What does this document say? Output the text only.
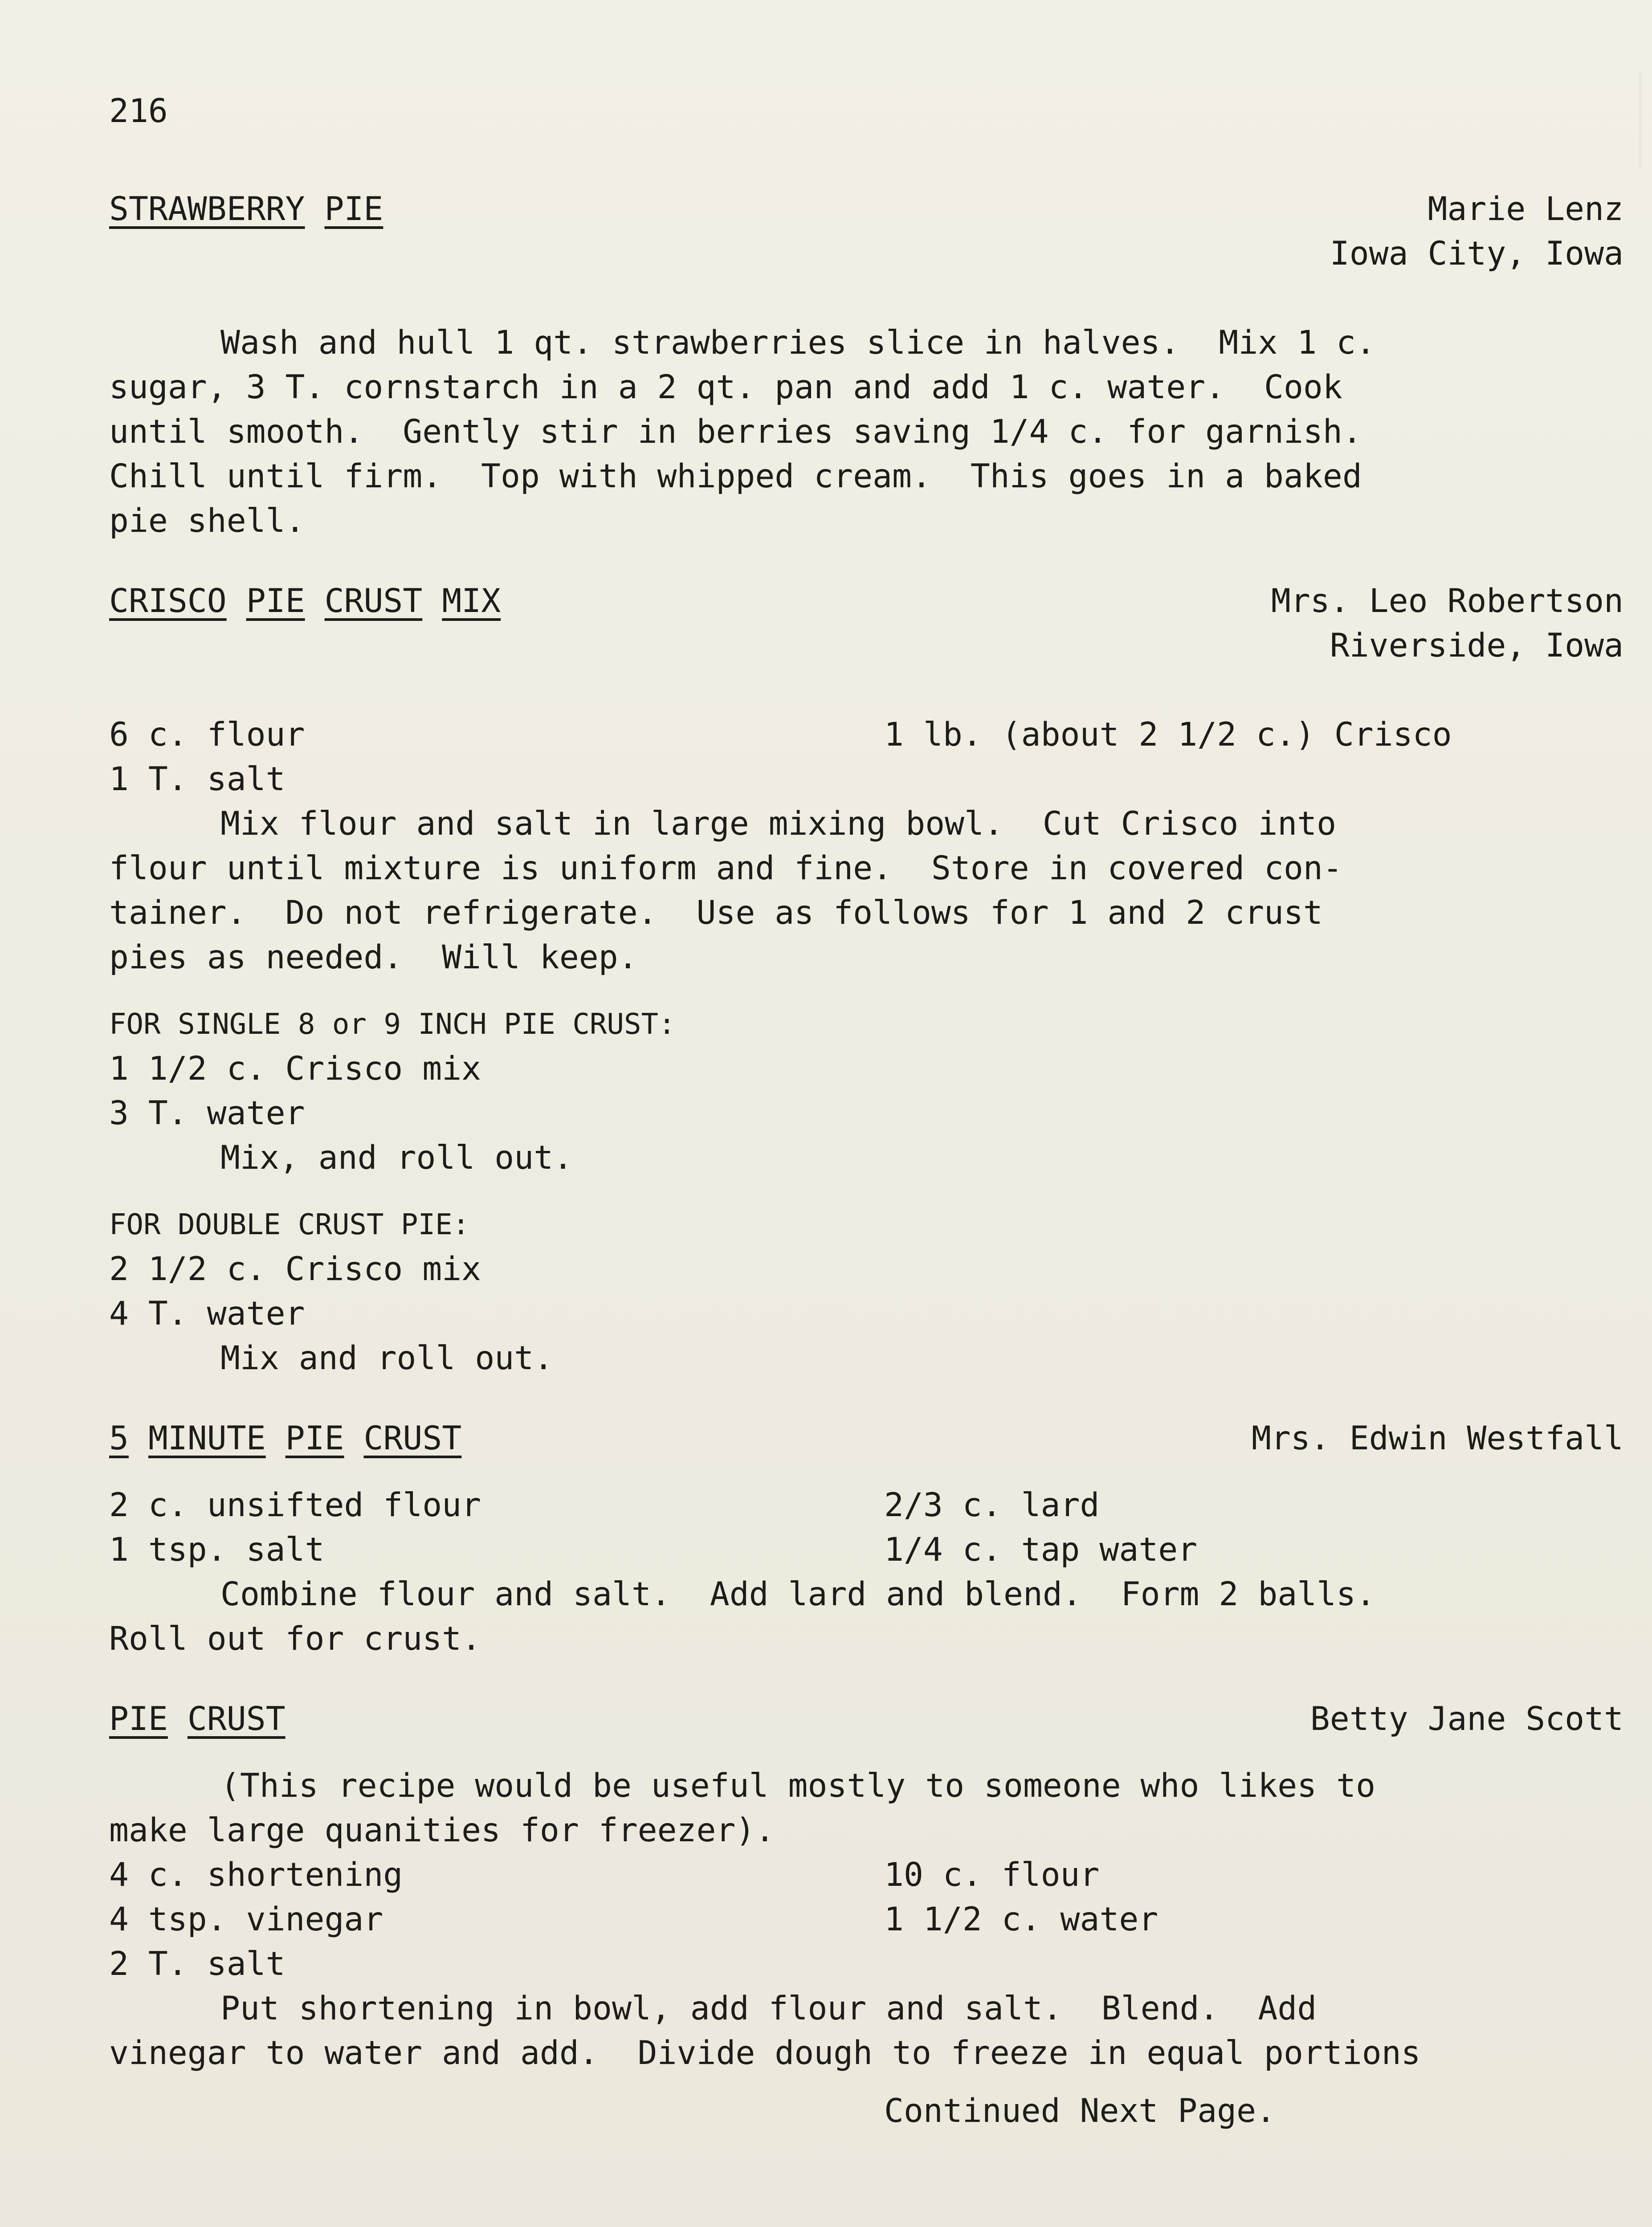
216
STRAWBERRY PIE	Marie Lenz
Iowa City, Iowa
Wash and hull 1 qt. strawberries slice in halves.  Mix 1 c.
sugar, 3 T. cornstarch in a 2 qt. pan and add 1 c. water.  Cook
until smooth.  Gently stir in berries saving 1/4 c. for garnish.
Chill until firm.  Top with whipped cream.  This goes in a baked
pie shell.
CRISCO PIE CRUST MIX	Mrs. Leo Robertson
Riverside, Iowa
6 c. flour	1 lb. (about 2 1/2 c.) Crisco
1 T. salt
Mix flour and salt in large mixing bowl.  Cut Crisco into
flour until mixture is uniform and fine.  Store in covered con-
tainer.  Do not refrigerate.  Use as follows for 1 and 2 crust
pies as needed.  Will keep.
FOR SINGLE 8 or 9 INCH PIE CRUST:
1 1/2 c. Crisco mix
3 T. water
Mix, and roll out.
FOR DOUBLE CRUST PIE:
2 1/2 c. Crisco mix
4 T. water
Mix and roll out.
5 MINUTE PIE CRUST	Mrs. Edwin Westfall
2 c. unsifted flour	2/3 c. lard
1 tsp. salt	1/4 c. tap water
Combine flour and salt.  Add lard and blend.  Form 2 balls.
Roll out for crust.
PIE CRUST	Betty Jane Scott
(This recipe would be useful mostly to someone who likes to
make large quanities for freezer).
4 c. shortening	10 c. flour
4 tsp. vinegar	1 1/2 c. water
2 T. salt
Put shortening in bowl, add flour and salt.  Blend.  Add
vinegar to water and add.  Divide dough to freeze in equal portions
Continued Next Page.
